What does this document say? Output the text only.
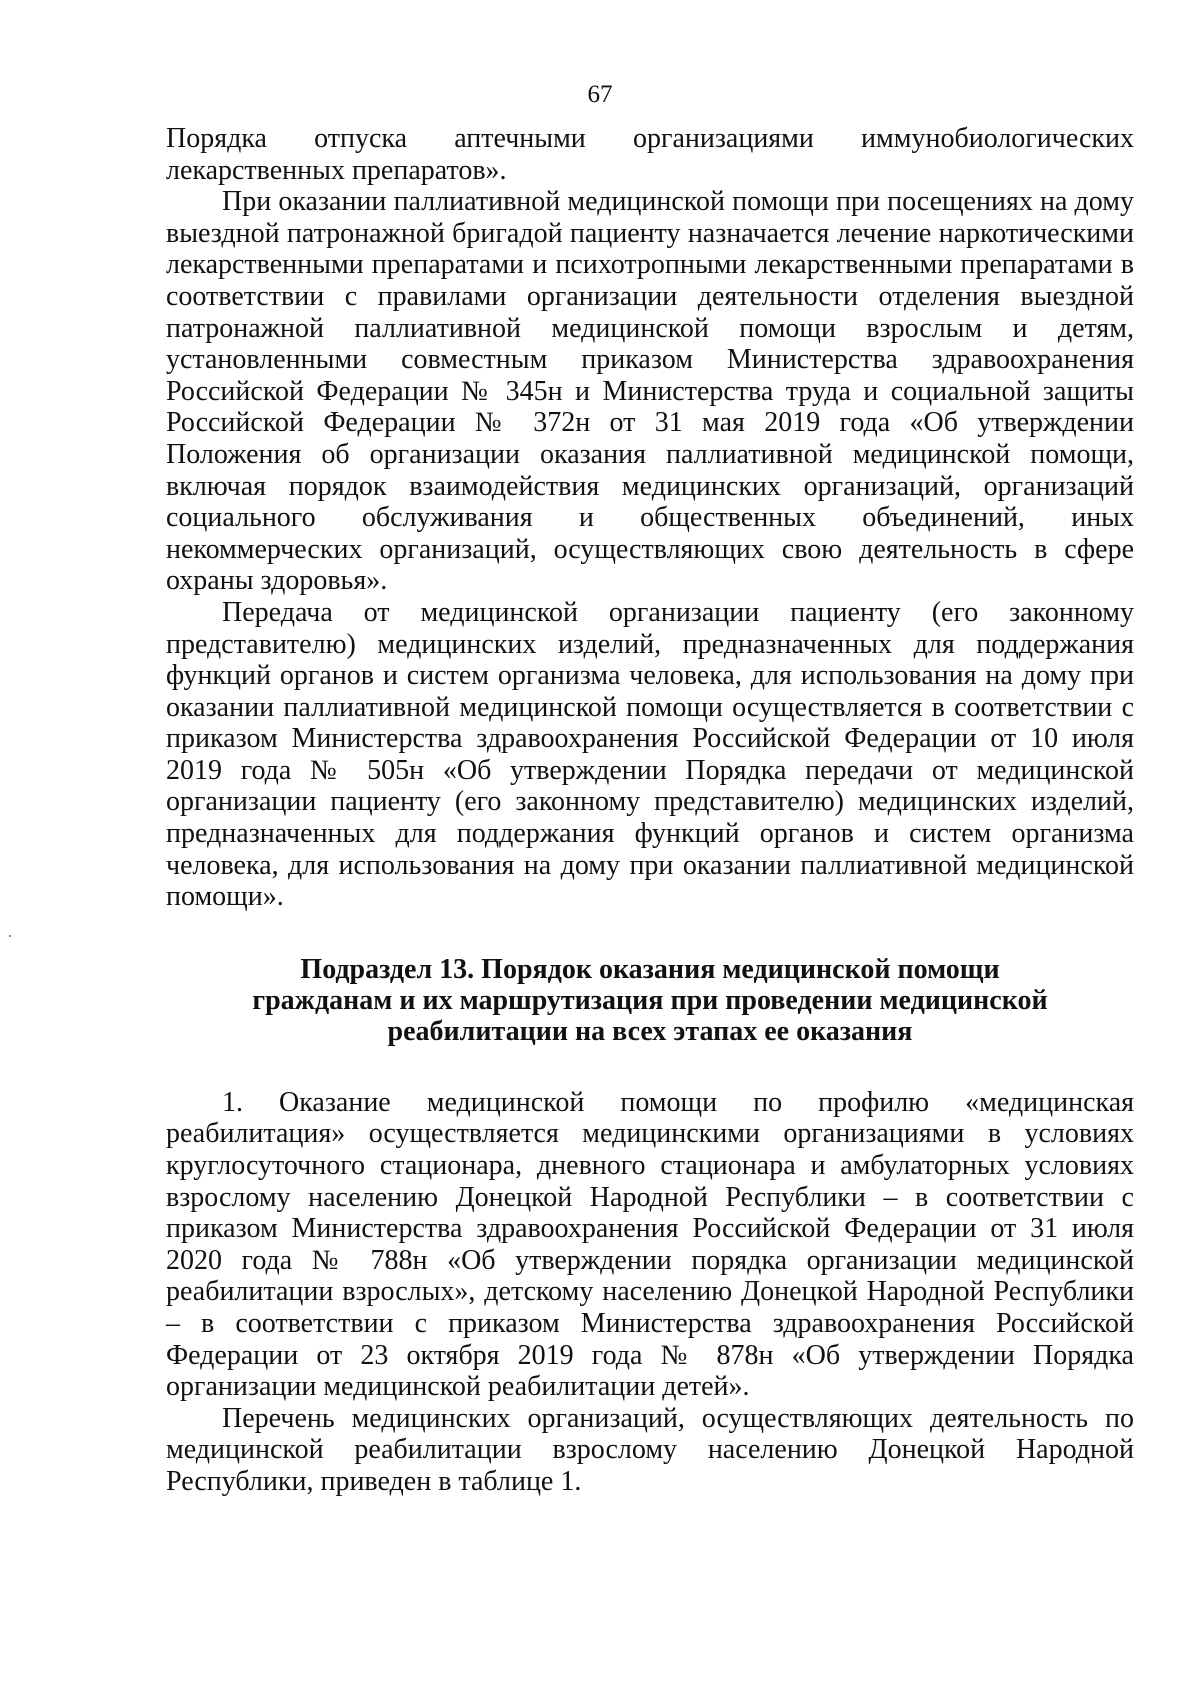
67

Порядка отпуска аптечными организациями иммунобиологических лекарственных препаратов».

При оказании паллиативной медицинской помощи при посещениях на дому выездной патронажной бригадой пациенту назначается лечение наркотическими лекарственными препаратами и психотропными лекарственными препаратами в соответствии с правилами организации деятельности отделения выездной патронажной паллиативной медицинской помощи взрослым и детям, установленными совместным приказом Министерства здравоохранения Российской Федерации № 345н и Министерства труда и социальной защиты Российской Федерации № 372н от 31 мая 2019 года «Об утверждении Положения об организации оказания паллиативной медицинской помощи, включая порядок взаимодействия медицинских организаций, организаций социального обслуживания и общественных объединений, иных некоммерческих организаций, осуществляющих свою деятельность в сфере охраны здоровья».

Передача от медицинской организации пациенту (его законному представителю) медицинских изделий, предназначенных для поддержания функций органов и систем организма человека, для использования на дому при оказании паллиативной медицинской помощи осуществляется в соответствии с приказом Министерства здравоохранения Российской Федерации от 10 июля 2019 года № 505н «Об утверждении Порядка передачи от медицинской организации пациенту (его законному представителю) медицинских изделий, предназначенных для поддержания функций органов и систем организма человека, для использования на дому при оказании паллиативной медицинской помощи».

Подраздел 13. Порядок оказания медицинской помощи
гражданам и их маршрутизация при проведении медицинской
реабилитации на всех этапах ее оказания

1. Оказание медицинской помощи по профилю «медицинская реабилитация» осуществляется медицинскими организациями в условиях круглосуточного стационара, дневного стационара и амбулаторных условиях взрослому населению Донецкой Народной Республики – в соответствии с приказом Министерства здравоохранения Российской Федерации от 31 июля 2020 года № 788н «Об утверждении порядка организации медицинской реабилитации взрослых», детскому населению Донецкой Народной Республики – в соответствии с приказом Министерства здравоохранения Российской Федерации от 23 октября 2019 года № 878н «Об утверждении Порядка организации медицинской реабилитации детей».

Перечень медицинских организаций, осуществляющих деятельность по медицинской реабилитации взрослому населению Донецкой Народной Республики, приведен в таблице 1.
